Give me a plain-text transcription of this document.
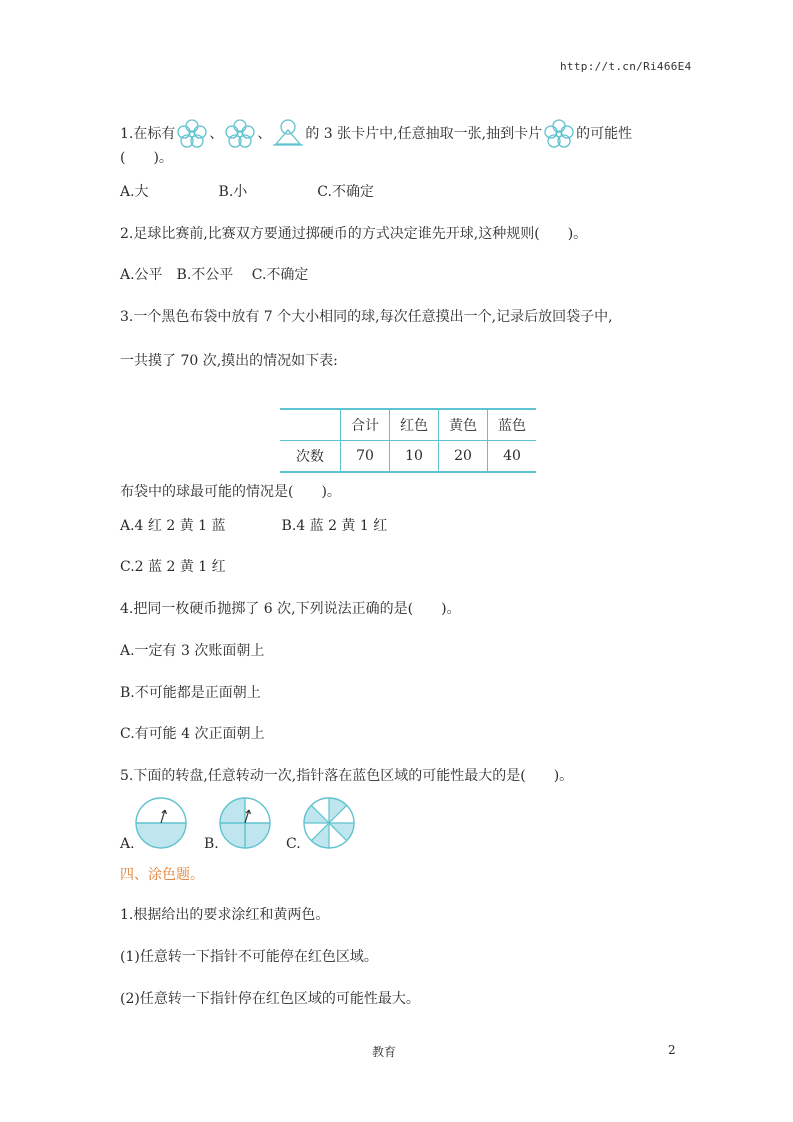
http://t.cn/Ri466E4
1.在标有 、 、 的 3 张卡片中,任意抽取一张,抽到卡片 的可能性
(　　)。
A.大　　　　　B.小　　　　　C.不确定
2.足球比赛前,比赛双方要通过掷硬币的方式决定谁先开球,这种规则(　　)。
A.公平　B.不公平　 C.不确定
3.一个黑色布袋中放有 7 个大小相同的球,每次任意摸出一个,记录后放回袋子中,
一共摸了 70 次,摸出的情况如下表:
	合计	红色	黄色	蓝色
次数	70	10	20	40
布袋中的球最可能的情况是(　　)。
A.4 红 2 黄 1 蓝　　　　B.4 蓝 2 黄 1 红
C.2 蓝 2 黄 1 红
4.把同一枚硬币抛掷了 6 次,下列说法正确的是(　　)。
A.一定有 3 次账面朝上
B.不可能都是正面朝上
C.有可能 4 次正面朝上
5.下面的转盘,任意转动一次,指针落在蓝色区域的可能性最大的是(　　)。
A.	B.	C.
四、涂色题。
1.根据给出的要求涂红和黄两色。
(1)任意转一下指针不可能停在红色区域。
(2)任意转一下指针停在红色区域的可能性最大。
教育	2
